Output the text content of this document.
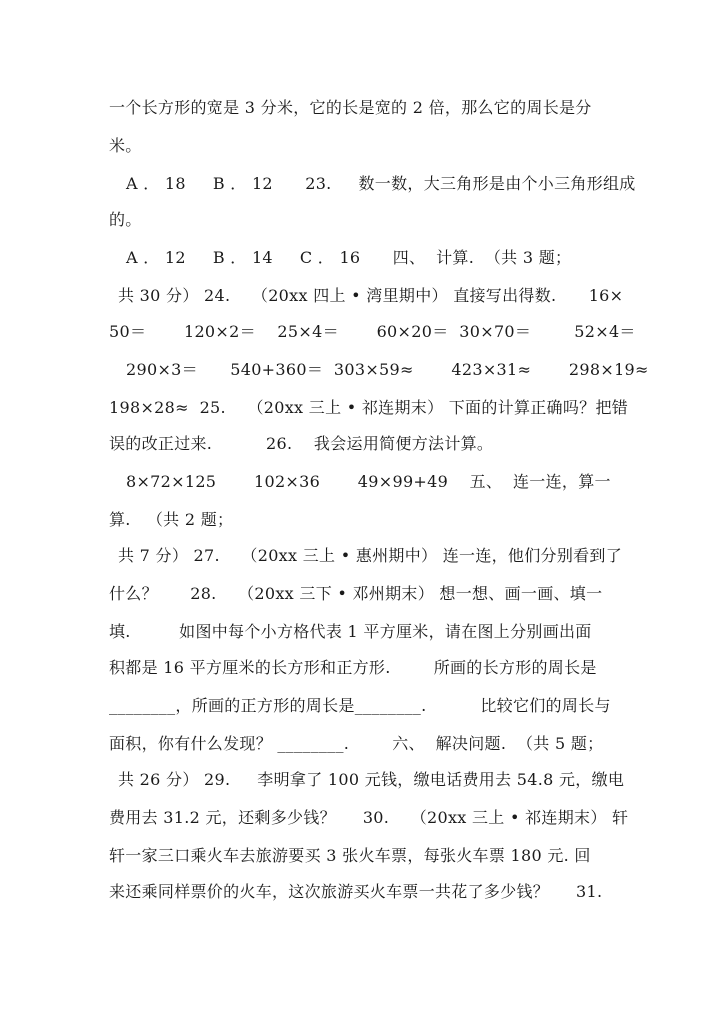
一个长方形的宽是 3 分米，它的长是宽的 2 倍，那么它的周长是分
米。
A ． 18     B ． 12      23.     数一数，大三角形是由个小三角形组成
的。
A ． 12     B ． 14     C ． 16      四、  计算.  （共 3 题；
共 30 分） 24.    （20xx 四上 • 湾里期中） 直接写出得数.      16×
50＝       120×2＝    25×4＝       60×20＝  30×70＝        52×4＝
290×3＝      540+360＝  303×59≈       423×31≈       298×19≈
198×28≈  25.    （20xx 三上 • 祁连期末） 下面的计算正确吗？把错
误的改正过来.          26.    我会运用简便方法计算。
8×72×125       102×36       49×99+49    五、  连一连，算一
算.   （共 2 题；
共 7 分） 27.    （20xx 三上 • 惠州期中） 连一连，他们分别看到了
什么？      28.    （20xx 三下 • 邓州期末） 想一想、画一画、填一
填.         如图中每个小方格代表 1 平方厘米，请在图上分别画出面
积都是 16 平方厘米的长方形和正方形.        所画的长方形的周长是
________，所画的正方形的周长是________.          比较它们的周长与
面积，你有什么发现？ ________.        六、  解决问题.  （共 5 题；
共 26 分） 29.     李明拿了 100 元钱，缴电话费用去 54.8 元，缴电
费用去 31.2 元，还剩多少钱？     30.    （20xx 三上 • 祁连期末） 轩
轩一家三口乘火车去旅游要买 3 张火车票，每张火车票 180 元. 回
来还乘同样票价的火车，这次旅游买火车票一共花了多少钱？     31.
